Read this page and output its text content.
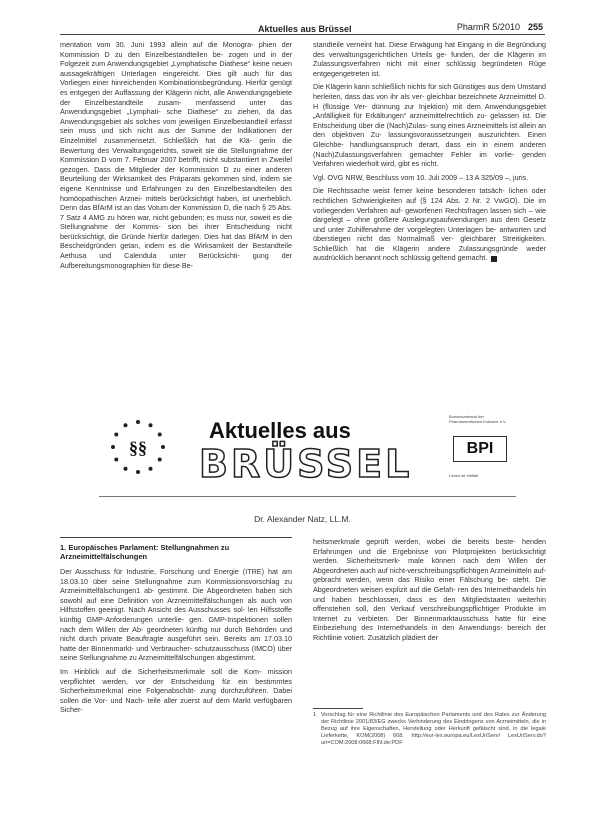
Aktuelles aus Brüssel	PharmR 5/2010 255

mentation vom 30. Juni 1993 allein auf die Monogra- phien der Kommission D zu den Einzelbestandteilen be- zogen und in der Folgezeit zum Anwendungsgebiet „Lymphatische Diathese“ keine neuen aussagekräftigen Unterlagen eingereicht. Dies gilt auch für das Vorliegen einer hinreichenden Kombinationsbegründung. Hierfür genügt es entgegen der Auffassung der Klägerin nicht, alle Anwendungsgebiete der Einzelbestandteile zusam- menfassend unter das Anwendungsgebiet „Lymphati- sche Diathese“ zu ziehen, da das Anwendungsgebiet als solches vom jeweiligen Einzelbestandteil erfasst sein muss und sich nicht aus der Summe der Indikationen der Einzelmittel zusammensetzt. Schließlich hat die Klä- gerin die Bewertung des Verwaltungsgerichts, soweit sie die Stellungnahme der Kommission D vom 7. Februar 2007 betrifft, nicht substantiiert in Zweifel gezogen. Dass die Mitglieder der Kommission D zu einer anderen Beurteilung der Wirksamkeit des Präparats gekommen sind, indem sie eigene Kenntnisse und Erfahrungen zu den Einzelbestandteilen des homöopathischen Arznei- mittels berücksichtigt haben, ist unerheblich. Denn das BfArM ist an das Votum der Kommission D, die nach § 25 Abs. 7 Satz 4 AMG zu hören war, nicht gebunden; es muss nur, soweit es die Stellungnahme der Kommis- sion bei ihrer Entscheidung nicht berücksichtigt, die Gründe hierfür darlegen. Dies hat das BfArM in den Bescheidgründen getan, indem es die Wirksamkeit der Bestandteile Aethusa und Calendula unter Berücksichti- gung der Aufbereitungsmonographien für diese Be-

standteile verneint hat. Diese Erwägung hat Eingang in die Begründung des verwaltungsgerichtlichen Urteils ge- funden, der die Klägerin im Zulassungsverfahren nicht mit einer schlüssig begründeten Rüge entgegengetreten ist.

Die Klägerin kann schließlich nichts für sich Günstiges aus dem Umstand herleiten, dass das von ihr als ver- gleichbar bezeichnete Arzneimittel D. H (flüssige Ver- dünnung zur Injektion) mit dem Anwendungsgebiet „Anfälligkeit für Erkältungen“ arzneimittelrechtlich zu- gelassen ist. Die Entscheidung über die (Nach)Zulas- sung eines Arzneimittels ist allein an den objektiven Zu- lassungsvoraussetzungen auszurichten. Einen Gleichbe- handlungsanspruch derart, dass ein in einem anderen (Nach)Zulassungsverfahren gemachter Fehler im vorlie- genden Verfahren wiederholt wird, gibt es nicht.

Vgl. OVG NRW, Beschluss vom 10. Juli 2009 – 13 A 325/09 –, juris.

Die Rechtssache weist ferner keine besonderen tatsäch- lichen oder rechtlichen Schwierigkeiten auf (§ 124 Abs. 2 Nr. 2 VwGO). Die im vorliegenden Verfahren auf- geworfenen Rechtsfragen lassen sich – wie dargelegt – ohne größere Auslegungsaufwendungen aus dem Gesetz und unter Zuhilfenahme der vorgelegten Unterlagen be- antworten und überstiegen nicht das Normalmaß ver- gleichbarer Streitigkeiten. Schließlich hat die Klägerin andere Zulassungsgründe weder ausdrücklich benannt noch schlüssig geltend gemacht.

§§
Aktuelles aus
BRÜSSEL
Bundesverband der Pharmazeutischen Industrie e.V.
BPI
Leben ist Vielfalt
Dr. Alexander Natz, LL.M.
1. Europäisches Parlament: Stellungnahmen zu Arzneimittelfälschungen

Der Ausschuss für Industrie, Forschung und Energie (ITRE) hat am 18.03.10 über seine Stellungnahme zum Kommissionsvorschlag zu Arzneimittelfälschungen1 ab- gestimmt. Die Abgeordneten haben sich sowohl auf eine Definition von Arzneimittelfälschungen als auch von Hilfsstoffen geeinigt. Nach Ansicht des Ausschusses sol- len Hilfsstoffe künftig GMP-Anforderungen unterlie- gen. GMP-Inspektionen sollen nach dem Willen der Ab- geordneten künftig nur durch Behörden und nicht durch private Beauftragte ausgeführt sein. Bereits am 17.03.10 hatte der Binnenmarkt- und Verbraucher- schutzausschuss (IMCO) über seine Stellungnahme zu Arzneimittelfälschungen abgestimmt.

Im Hinblick auf die Sicherheitsmerkmale soll die Kom- mission verpflichtet werden, vor der Entscheidung für ein bestimmtes Sicherheitsmerkmal eine Folgenabschät- zung durchzuführen. Dabei sollen die Vor- und Nach- teile aller zuerst auf dem Markt verfügbaren Sicher-

heitsmerkmale geprüft werden, wobei die bereits beste- henden Erfahrungen und die Ergebnisse von Pilotprojekten berücksichtigt werden. Sicherheitsmerk- male können nach dem Willen der Abgeordneten auch auf nicht-verschreibungspflichtigen Arzneimitteln auf- gebracht werden, wenn das Risiko einer Fälschung be- steht. Die Abgeordneten weisen explizit auf die Gefah- ren des Internethandels hin und haben beschlossen, dass es den Mitgliedstaaten weiterhin offenstehen soll, den Verkauf verschreibungspflichtiger Produkte im Internet zu verbieten. Der Binnenmarktausschuss hatte für eine Einbeziehung des Internethandels in den Anwendungs- bereich der Richtlinie votiert. Zusätzlich plädiert der

1 Vorschlag für eine Richtlinie des Europäischen Parlaments und des Rates zur Änderung der Richtlinie 2001/83/EG zwecks Verhinderung des Eindringens von Arzneimitteln, die in Bezug auf ihre Eigenschaften, Herstellung oder Herkunft gefälscht sind, in die legale Lieferkette, KOM(2008) 668, http://eur-lex.europa.eu/LexUriServ/ LexUriServ.do?uri=COM:2008:0668:FIN:de:PDF
